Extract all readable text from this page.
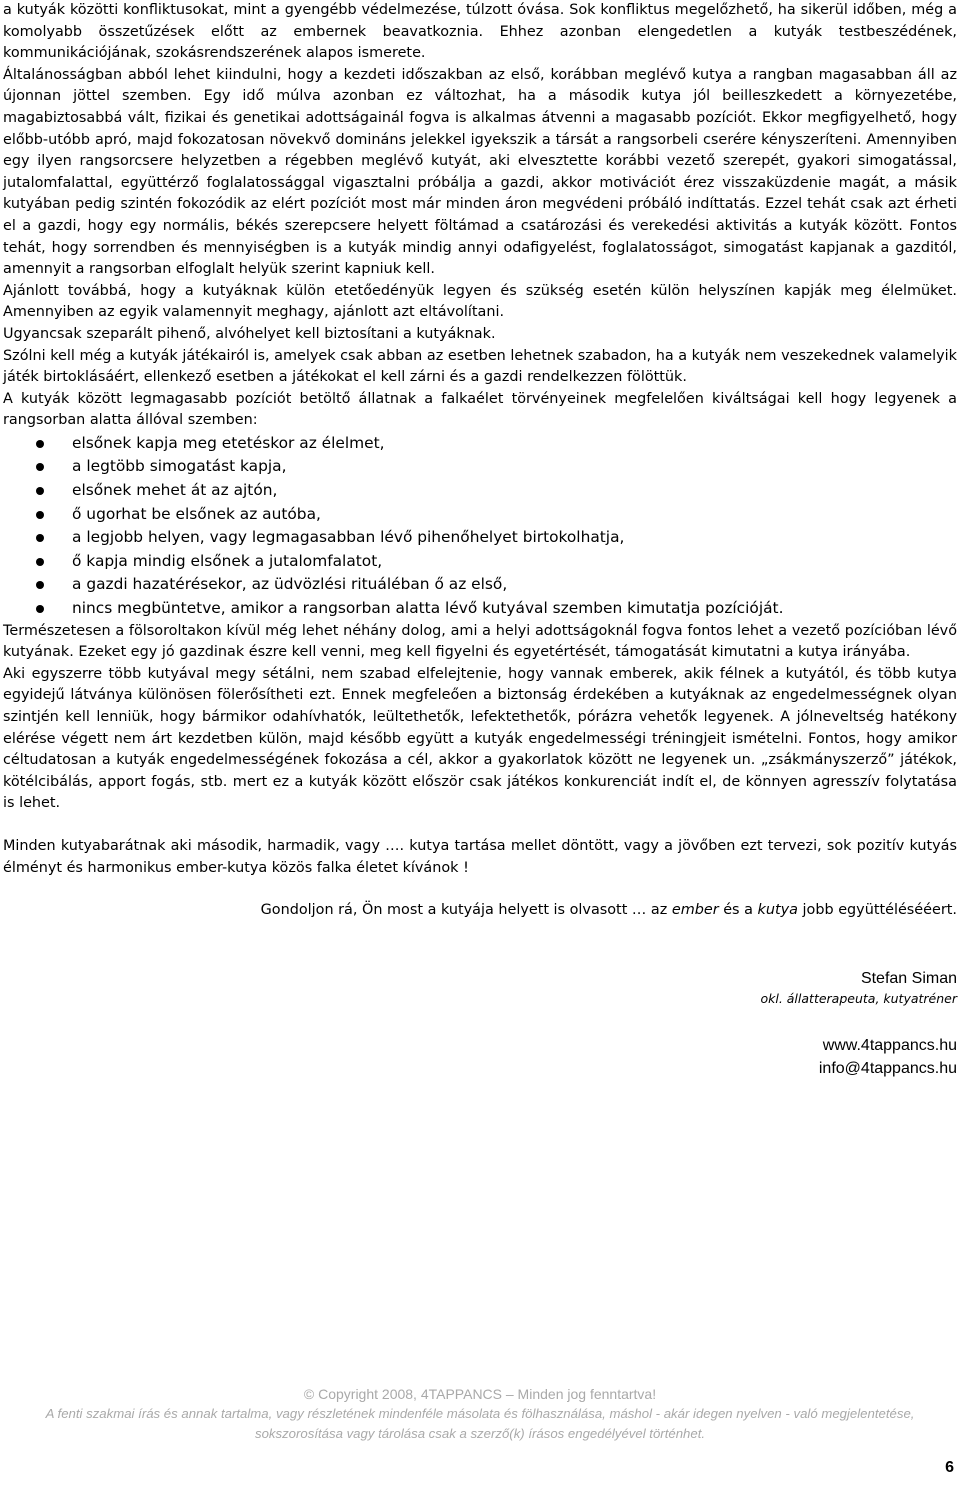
a kutyák közötti konfliktusokat, mint a gyengébb védelmezése, túlzott óvása. Sok konfliktus megelőzhető, ha sikerül időben, még a komolyabb összetűzések előtt az embernek beavatkoznia. Ehhez azonban elengedetlen a kutyák testbeszédének, kommunikációjának, szokásrendszerének alapos ismerete.

Általánosságban abból lehet kiindulni, hogy a kezdeti időszakban az első, korábban meglévő kutya a rangban magasabban áll az újonnan jöttel szemben. Egy idő múlva azonban ez változhat, ha a második kutya jól beilleszkedett a környezetébe, magabiztosabbá vált, fizikai és genetikai adottságainál fogva is alkalmas átvenni a magasabb pozíciót. Ekkor megfigyelhető, hogy előbb-utóbb apró, majd fokozatosan növekvő domináns jelekkel igyekszik a társát a rangsorbeli cserére kényszeríteni. Amennyiben egy ilyen rangsorcsere helyzetben a régebben meglévő kutyát, aki elvesztette korábbi vezető szerepét, gyakori simogatással, jutalomfalattal, együttérző foglalatossággal vigasztalni próbálja a gazdi, akkor motivációt érez visszaküzdenie magát, a másik kutyában pedig szintén fokozódik az elért pozíciót most már minden áron megvédeni próbáló indíttatás. Ezzel tehát csak azt érheti el a gazdi, hogy egy normális, békés szerepcsere helyett föltámad a csatározási és verekedési aktivitás a kutyák között. Fontos tehát, hogy sorrendben és mennyiségben is a kutyák mindig annyi odafigyelést, foglalatosságot, simogatást kapjanak a gazditól, amennyit a rangsorban elfoglalt helyük szerint kapniuk kell.

Ajánlott továbbá, hogy a kutyáknak külön etetőedényük legyen és szükség esetén külön helyszínen kapják meg élelmüket. Amennyiben az egyik valamennyit meghagy, ajánlott azt eltávolítani.

Ugyancsak szeparált pihenő, alvóhelyet kell biztosítani a kutyáknak.

Szólni kell még a kutyák játékairól is, amelyek csak abban az esetben lehetnek szabadon, ha a kutyák nem veszekednek valamelyik játék birtoklásáért, ellenkező esetben a játékokat el kell zárni és a gazdi rendelkezzen fölöttük.

A kutyák között legmagasabb pozíciót betöltő állatnak a falkaélet törvényeinek megfelelően kiváltságai kell hogy legyenek a rangsorban alatta állóval szemben:

elsőnek kapja meg etetéskor az élelmet,
a legtöbb simogatást kapja,
elsőnek mehet át az ajtón,
ő ugorhat be elsőnek az autóba,
a legjobb helyen, vagy legmagasabban lévő pihenőhelyet birtokolhatja,
ő kapja mindig elsőnek a jutalomfalatot,
a gazdi hazatérésekor, az üdvözlési rituáléban ő az első,
nincs megbüntetve, amikor a rangsorban alatta lévő kutyával szemben kimutatja pozícióját.

Természetesen a fölsoroltakon kívül még lehet néhány dolog, ami a helyi adottságoknál fogva fontos lehet a vezető pozícióban lévő kutyának. Ezeket egy jó gazdinak észre kell venni, meg kell figyelni és egyetértését, támogatását kimutatni a kutya irányába.

Aki egyszerre több kutyával megy sétálni, nem szabad elfelejtenie, hogy vannak emberek, akik félnek a kutyától, és több kutya egyidejű látványa különösen fölerősítheti ezt. Ennek megfeleően a biztonság érdekében a kutyáknak az engedelmességnek olyan szintjén kell lenniük, hogy bármikor odahívhatók, leültethetők, lefektethetők, pórázra vehetők legyenek. A jólneveltség hatékony elérése végett nem árt kezdetben külön, majd később együtt a kutyák engedelmességi tréningjeit ismételni. Fontos, hogy amikor céltudatosan a kutyák engedelmességének fokozása a cél, akkor a gyakorlatok között ne legyenek un. „zsákmányszerző” játékok, kötélcibálás, apport fogás, stb. mert ez a kutyák között először csak játékos konkurenciát indít el, de könnyen agresszív folytatása is lehet.

Minden kutyabarátnak aki második, harmadik, vagy …. kutya tartása mellet döntött, vagy a jövőben ezt tervezi, sok pozitív kutyás élményt és harmonikus ember-kutya közös falka életet kívánok !

Gondoljon rá, Ön most a kutyája helyett is olvasott … az ember és a kutya jobb együttélésééert.

Stefan Siman

okl. állatterapeuta, kutyatréner

www.4tappancs.hu

info@4tappancs.hu

© Copyright 2008, 4TAPPANCS – Minden jog fenntartva!
A fenti szakmai írás és annak tartalma, vagy részletének mindenféle másolata és fölhasználása, máshol - akár idegen nyelven - való megjelentetése, sokszorosítása vagy tárolása csak a szerző(k) írásos engedélyével történhet.
6
